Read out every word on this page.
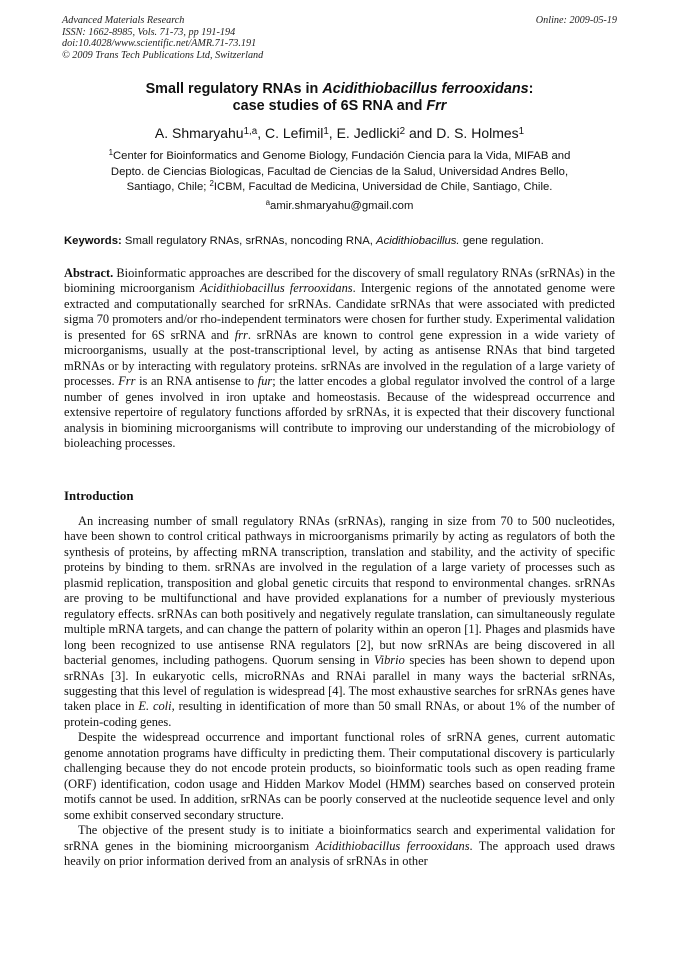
Advanced Materials Research
ISSN: 1662-8985, Vols. 71-73, pp 191-194
doi:10.4028/www.scientific.net/AMR.71-73.191
© 2009 Trans Tech Publications Ltd, Switzerland
Online: 2009-05-19
Small regulatory RNAs in Acidithiobacillus ferrooxidans:
case studies of 6S RNA and Frr
A. Shmaryahu$^{1,a}$, C. Lefimil$^1$, E. Jedlicki$^2$ and D. S. Holmes$^1$
$^1$Center for Bioinformatics and Genome Biology, Fundación Ciencia para la Vida, MIFAB and
Depto. de Ciencias Biologicas, Facultad de Ciencias de la Salud, Universidad Andres Bello,
Santiago, Chile; $^2$ICBM, Facultad de Medicina, Universidad de Chile, Santiago, Chile.
$^a$amir.shmaryahu@gmail.com
Keywords: Small regulatory RNAs, srRNAs, noncoding RNA, Acidithiobacillus. gene regulation.
Abstract. Bioinformatic approaches are described for the discovery of small regulatory RNAs (srRNAs) in the biomining microorganism Acidithiobacillus ferrooxidans. Intergenic regions of the annotated genome were extracted and computationally searched for srRNAs. Candidate srRNAs that were associated with predicted sigma 70 promoters and/or rho-independent terminators were chosen for further study. Experimental validation is presented for 6S srRNA and frr. srRNAs are known to control gene expression in a wide variety of microorganisms, usually at the post-transcriptional level, by acting as antisense RNAs that bind targeted mRNAs or by interacting with regulatory proteins. srRNAs are involved in the regulation of a large variety of processes. Frr is an RNA antisense to fur; the latter encodes a global regulator involved the control of a large number of genes involved in iron uptake and homeostasis. Because of the widespread occurrence and extensive repertoire of regulatory functions afforded by srRNAs, it is expected that their discovery functional analysis in biomining microorganisms will contribute to improving our understanding of the microbiology of bioleaching processes.
Introduction

An increasing number of small regulatory RNAs (srRNAs), ranging in size from 70 to 500 nucleotides, have been shown to control critical pathways in microorganisms primarily by acting as regulators of both the synthesis of proteins, by affecting mRNA transcription, translation and stability, and the activity of specific proteins by binding to them. srRNAs are involved in the regulation of a large variety of processes such as plasmid replication, transposition and global genetic circuits that respond to environmental changes. srRNAs are proving to be multifunctional and have provided explanations for a number of previously mysterious regulatory effects. srRNAs can both positively and negatively regulate translation, can simultaneously regulate multiple mRNA targets, and can change the pattern of polarity within an operon [1]. Phages and plasmids have long been recognized to use antisense RNA regulators [2], but now srRNAs are being discovered in all bacterial genomes, including pathogens. Quorum sensing in Vibrio species has been shown to depend upon srRNAs [3]. In eukaryotic cells, microRNAs and RNAi parallel in many ways the bacterial srRNAs, suggesting that this level of regulation is widespread [4]. The most exhaustive searches for srRNAs genes have taken place in E. coli, resulting in identification of more than 50 small RNAs, or about 1% of the number of protein-coding genes.

Despite the widespread occurrence and important functional roles of srRNA genes, current automatic genome annotation programs have difficulty in predicting them. Their computational discovery is particularly challenging because they do not encode protein products, so bioinformatic tools such as open reading frame (ORF) identification, codon usage and Hidden Markov Model (HMM) searches based on conserved protein motifs cannot be used. In addition, srRNAs can be poorly conserved at the nucleotide sequence level and only some exhibit conserved secondary structure.

The objective of the present study is to initiate a bioinformatics search and experimental validation for srRNA genes in the biomining microorganism Acidithiobacillus ferrooxidans. The approach used draws heavily on prior information derived from an analysis of srRNAs in other
